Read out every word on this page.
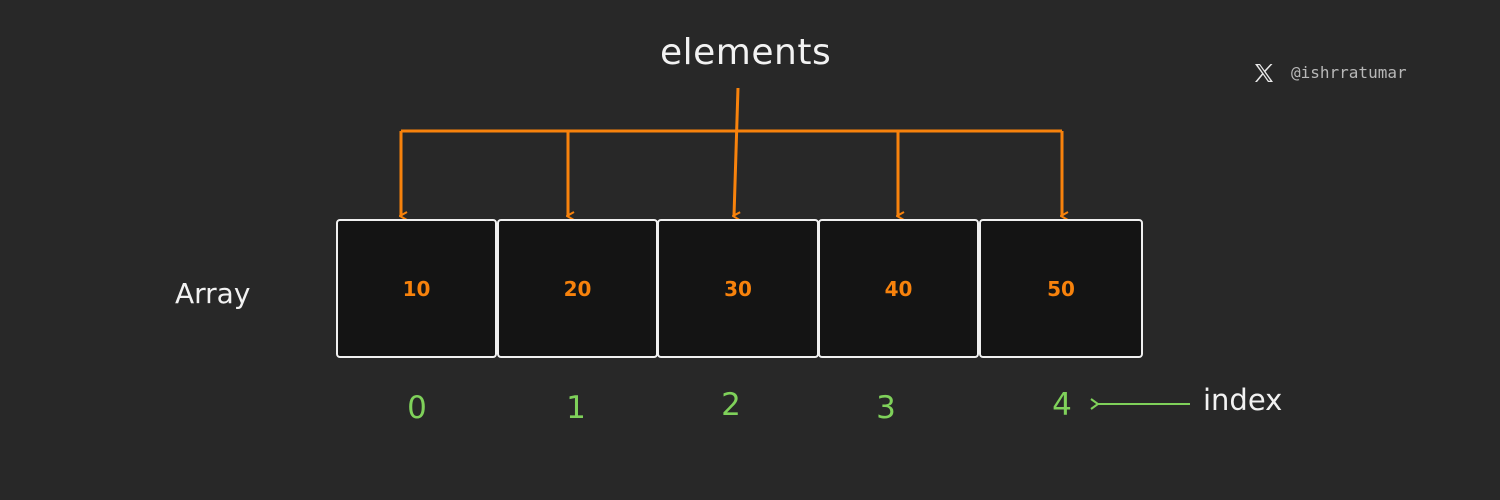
elements
Array
index
@ishrratumar
10	20	30	40	50
0	1	2	3	4
